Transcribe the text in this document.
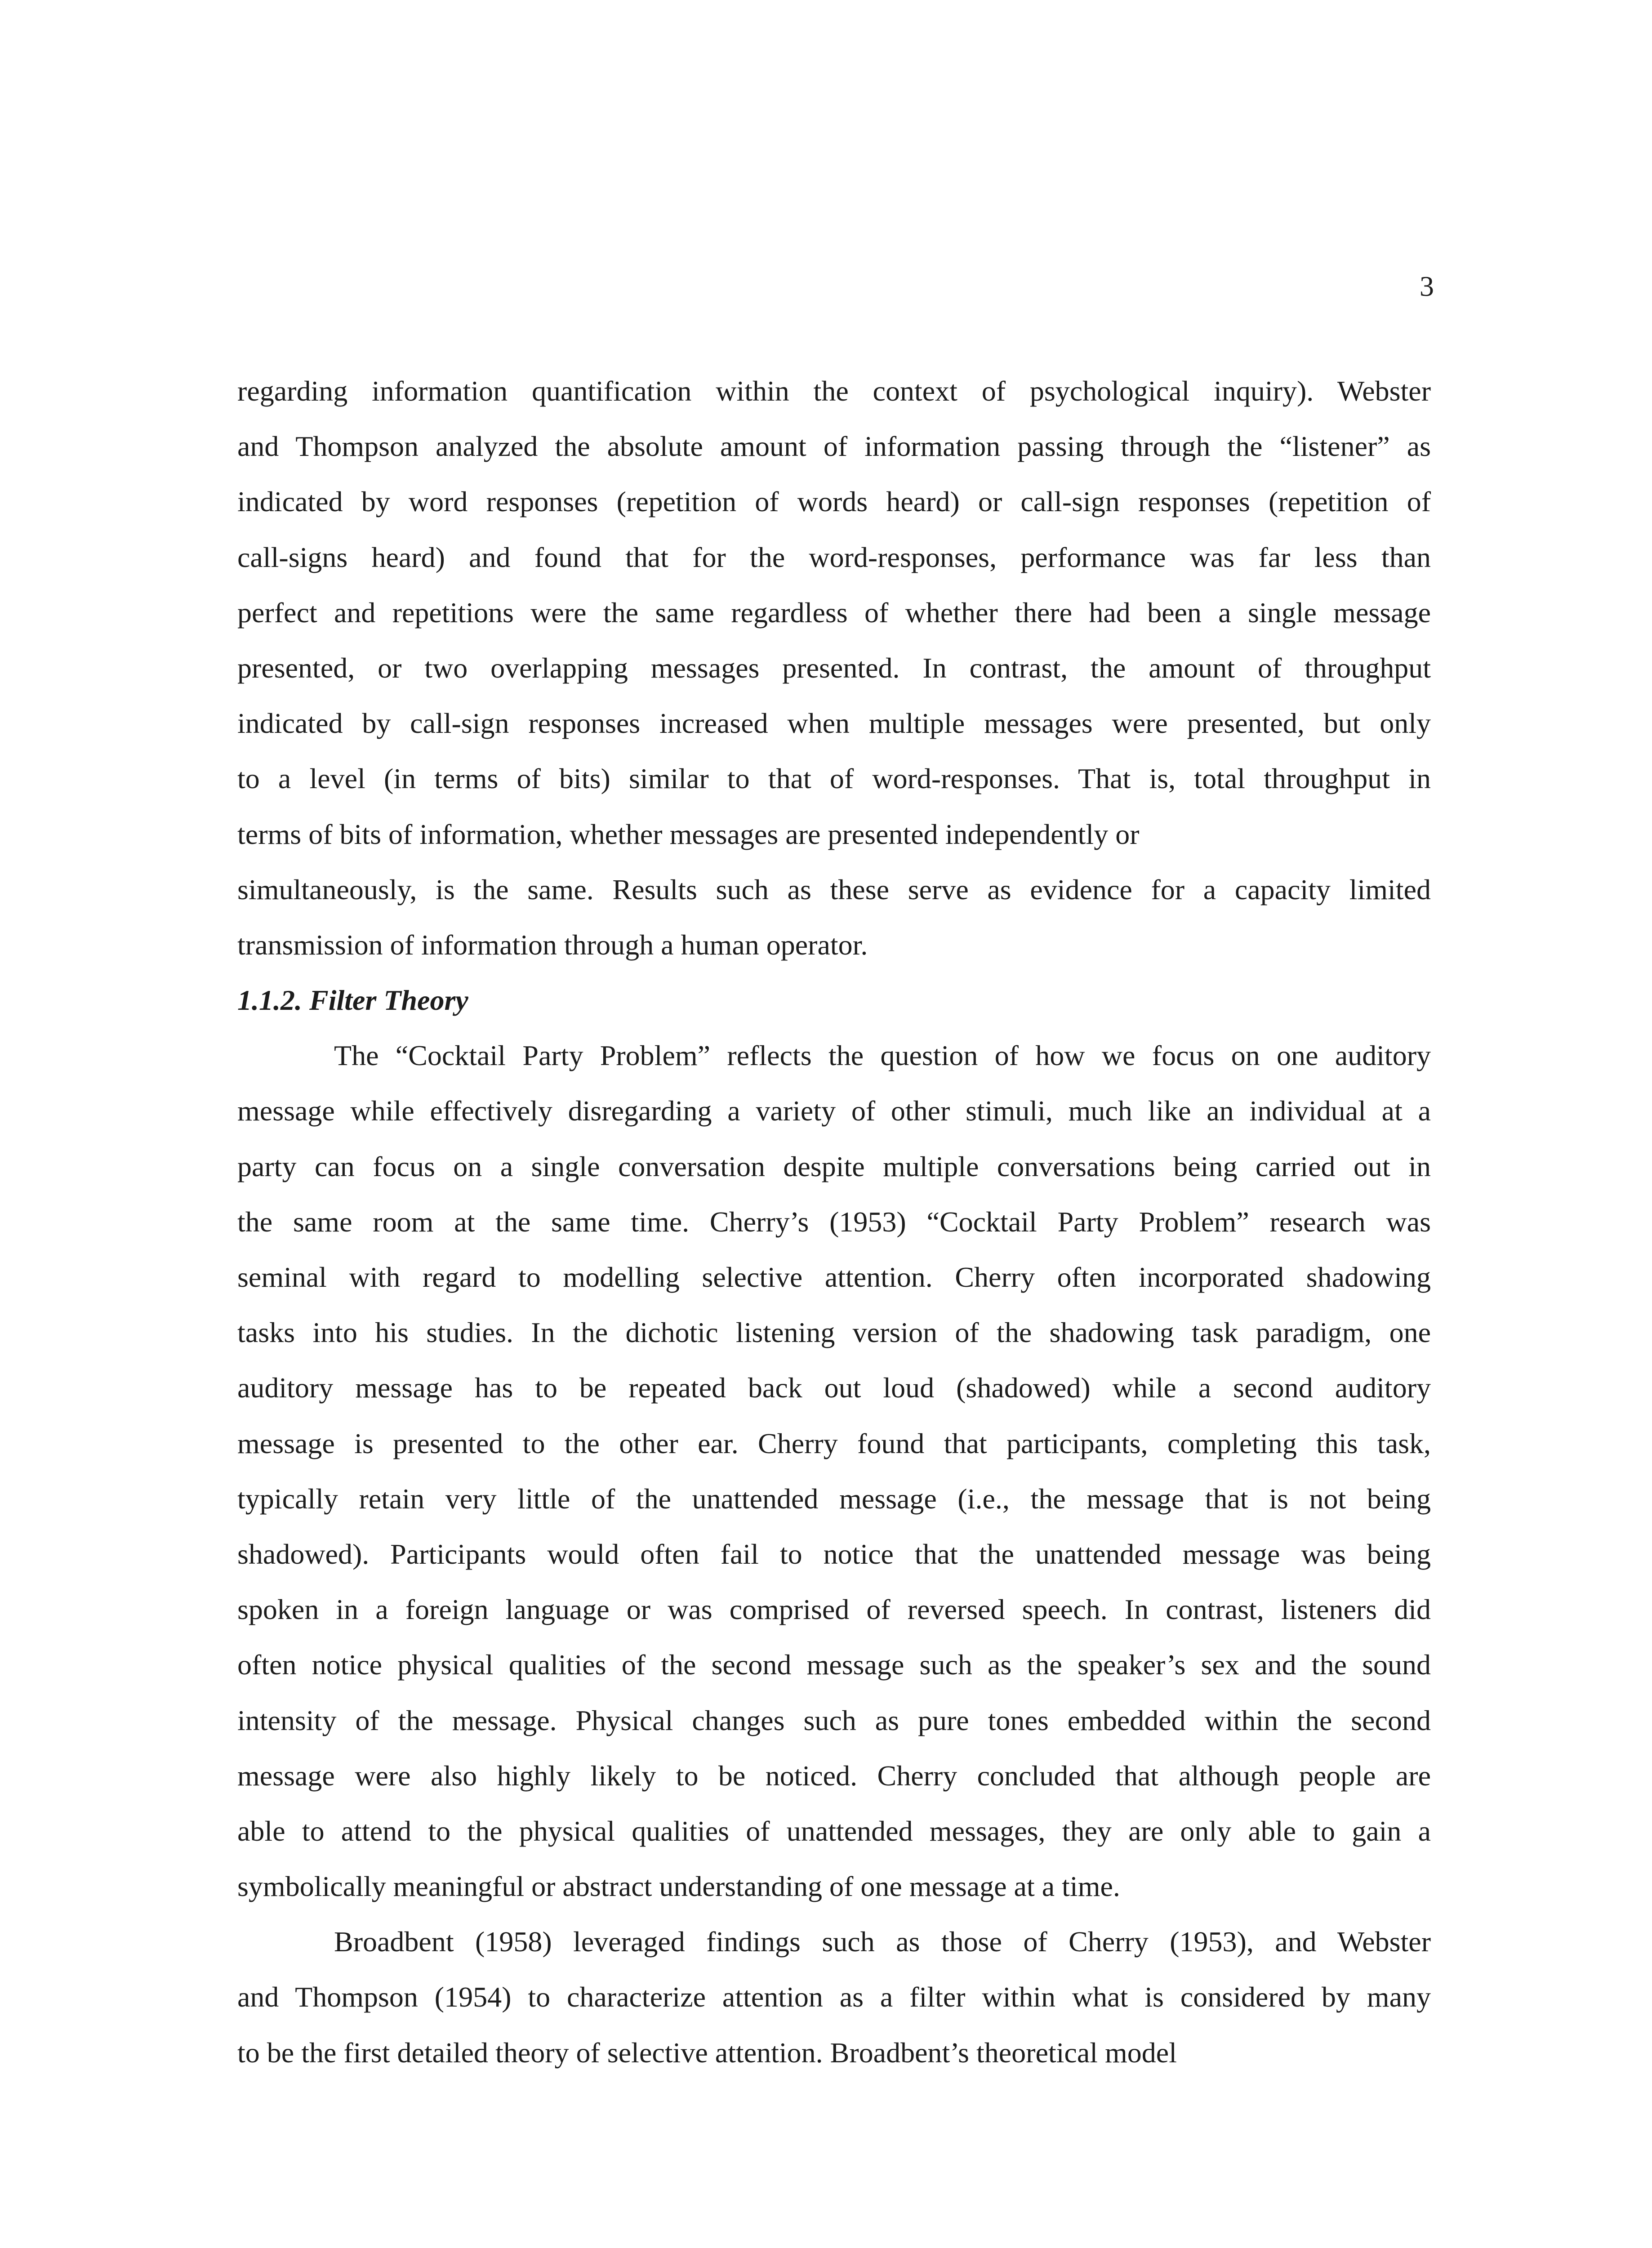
3
regarding information quantification within the context of psychological inquiry). Webster
and Thompson analyzed the absolute amount of information passing through the “listener” as
indicated by word responses (repetition of words heard) or call-sign responses (repetition of
call-signs heard) and found that for the word-responses, performance was far less than
perfect and repetitions were the same regardless of whether there had been a single message
presented, or two overlapping messages presented. In contrast, the amount of throughput
indicated by call-sign responses increased when multiple messages were presented, but only
to a level (in terms of bits) similar to that of word-responses. That is, total throughput in
terms of bits of information, whether messages are presented independently or
simultaneously, is the same. Results such as these serve as evidence for a capacity limited
transmission of information through a human operator.
1.1.2. Filter Theory
The “Cocktail Party Problem” reflects the question of how we focus on one auditory
message while effectively disregarding a variety of other stimuli, much like an individual at a
party can focus on a single conversation despite multiple conversations being carried out in
the same room at the same time. Cherry’s (1953) “Cocktail Party Problem” research was
seminal with regard to modelling selective attention. Cherry often incorporated shadowing
tasks into his studies. In the dichotic listening version of the shadowing task paradigm, one
auditory message has to be repeated back out loud (shadowed) while a second auditory
message is presented to the other ear. Cherry found that participants, completing this task,
typically retain very little of the unattended message (i.e., the message that is not being
shadowed). Participants would often fail to notice that the unattended message was being
spoken in a foreign language or was comprised of reversed speech. In contrast, listeners did
often notice physical qualities of the second message such as the speaker’s sex and the sound
intensity of the message. Physical changes such as pure tones embedded within the second
message were also highly likely to be noticed. Cherry concluded that although people are
able to attend to the physical qualities of unattended messages, they are only able to gain a
symbolically meaningful or abstract understanding of one message at a time.
Broadbent (1958) leveraged findings such as those of Cherry (1953), and Webster
and Thompson (1954) to characterize attention as a filter within what is considered by many
to be the first detailed theory of selective attention. Broadbent’s theoretical model
